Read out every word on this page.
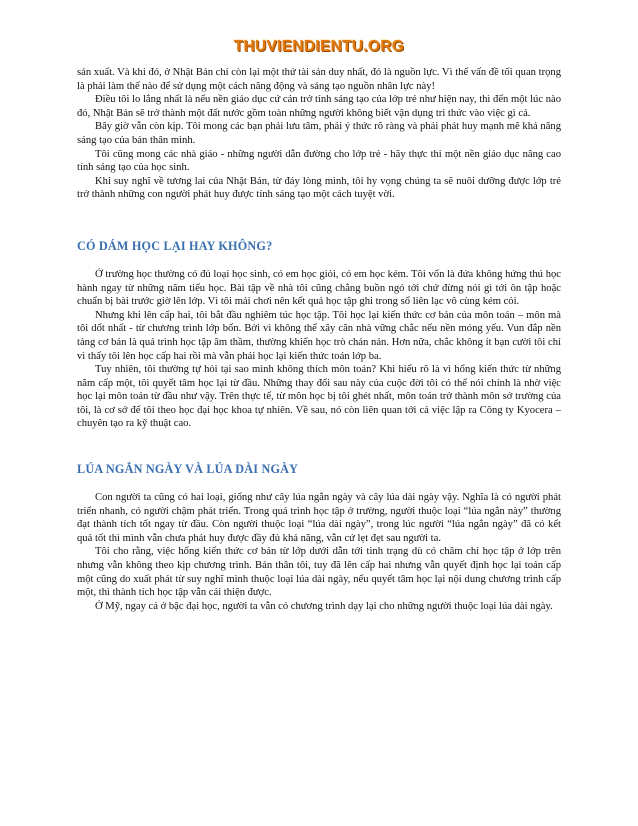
THUVIENDIENTU.ORG

sản xuất. Và khi đó, ở Nhật Bản chỉ còn lại một thứ tài sản duy nhất, đó là nguồn lực. Vì thế vấn đề tối quan trọng là phải làm thế nào để sử dụng một cách năng động và sáng tạo nguồn nhân lực này!

Điều tôi lo lắng nhất là nếu nền giáo dục cứ cản trở tính sáng tạo của lớp trẻ như hiện nay, thì đến một lúc nào đó, Nhật Bản sẽ trở thành một đất nước gồm toàn những người không biết vận dụng tri thức vào việc gì cả.

Bây giờ vẫn còn kịp. Tôi mong các bạn phải lưu tâm, phải ý thức rõ ràng và phải phát huy mạnh mẽ khả năng sáng tạo của bản thân mình.

Tôi cũng mong các nhà giáo - những người dẫn đường cho lớp trẻ - hãy thực thi một nền giáo dục nâng cao tính sáng tạo của học sinh.

Khi suy nghĩ về tương lai của Nhật Bản, từ đáy lòng mình, tôi hy vọng chúng ta sẽ nuôi dưỡng được lớp trẻ trở thành những con người phát huy được tính sáng tạo một cách tuyệt vời.

CÓ DÁM HỌC LẠI HAY KHÔNG?

Ở trường học thường có đủ loại học sinh, có em học giỏi, có em học kém. Tôi vốn là đứa không hứng thú học hành ngay từ những năm tiểu học. Bài tập về nhà tôi cũng chẳng buồn ngó tới chứ đừng nói gì tới ôn tập hoặc chuẩn bị bài trước giờ lên lớp. Vì tôi mải chơi nên kết quả học tập ghi trong sổ liên lạc vô cùng kém cỏi.

Nhưng khi lên cấp hai, tôi bắt đầu nghiêm túc học tập. Tôi học lại kiến thức cơ bản của môn toán – môn mà tôi dốt nhất - từ chương trình lớp bốn. Bởi vì không thể xây căn nhà vững chắc nếu nền móng yếu. Vun đắp nền tảng cơ bản là quá trình học tập âm thầm, thường khiến học trò chán nản. Hơn nữa, chắc không ít bạn cười tôi chỉ vì thấy tôi lên học cấp hai rồi mà vẫn phải học lại kiến thức toán lớp ba.

Tuy nhiên, tôi thường tự hỏi tại sao mình không thích môn toán? Khi hiểu rõ là vì hổng kiến thức từ những năm cấp một, tôi quyết tâm học lại từ đầu. Những thay đổi sau này của cuộc đời tôi có thể nói chính là nhờ việc học lại môn toán từ đầu như vậy. Trên thực tế, từ môn học bị tôi ghét nhất, môn toán trở thành môn sở trường của tôi, là cơ sở để tôi theo học đại học khoa tự nhiên. Về sau, nó còn liên quan tới cả việc lập ra Công ty Kyocera – chuyên tạo ra kỹ thuật cao.

LÚA NGẮN NGÀY VÀ LÚA DÀI NGÀY

Con người ta cũng có hai loại, giống như cây lúa ngắn ngày và cây lúa dài ngày vậy. Nghĩa là có người phát triển nhanh, có người chậm phát triển. Trong quá trình học tập ở trường, người thuộc loại “lúa ngắn này” thường đạt thành tích tốt ngay từ đầu. Còn người thuộc loại “lúa dài ngày”, trong lúc người “lúa ngắn ngày” đã có kết quả tốt thì mình vẫn chưa phát huy được đầy đủ khả năng, vẫn cứ lẹt đẹt sau người ta.

Tôi cho rằng, việc hổng kiến thức cơ bản từ lớp dưới dẫn tới tình trạng dù có chăm chỉ học tập ở lớp trên nhưng vẫn không theo kịp chương trình. Bản thân tôi, tuy đã lên cấp hai nhưng vẫn quyết định học lại toán cấp một cũng do xuất phát từ suy nghĩ mình thuộc loại lúa dài ngày, nếu quyết tâm học lại nội dung chương trình cấp một, thì thành tích học tập vẫn cải thiện được.

Ở Mỹ, ngay cả ở bậc đại học, người ta vẫn có chương trình dạy lại cho những người thuộc loại lúa dài ngày.
